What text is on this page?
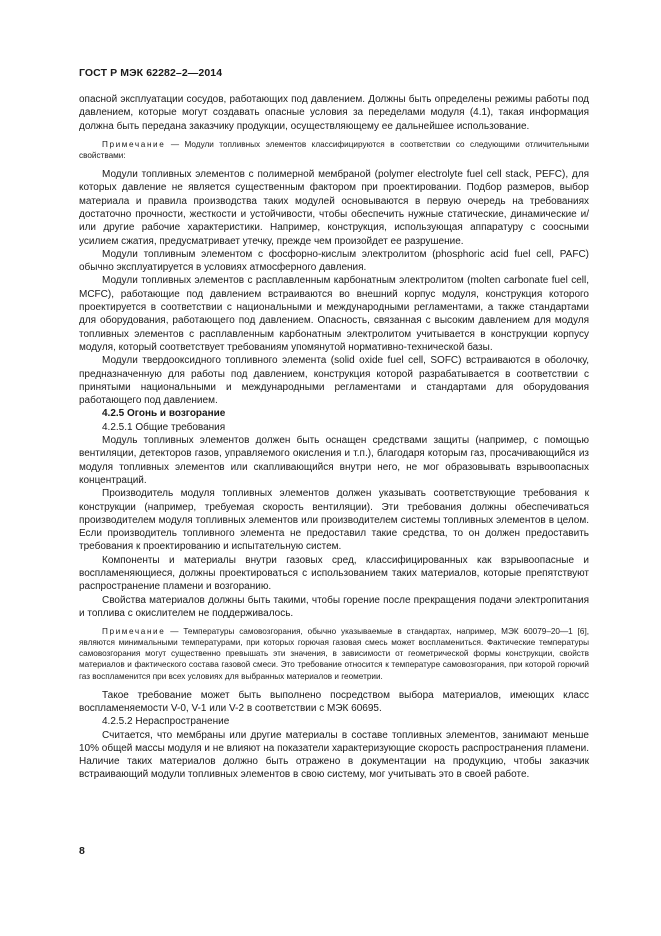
ГОСТ Р МЭК 62282–2—2014

опасной эксплуатации сосудов, работающих под давлением. Должны быть определены режимы работы под давлением, которые могут создавать опасные условия за переделами модуля (4.1), такая информация должна быть передана заказчику продукции, осуществляющему ее дальнейшее использование.

Примечание — Модули топливных элементов классифицируются в соответствии со следующими отличительными свойствами:

Модули топливных элементов с полимерной мембраной (polymer electrolyte fuel cell stack, PEFC), для которых давление не является существенным фактором при проектировании. Подбор размеров, выбор материала и правила производства таких модулей основываются в первую очередь на требованиях достаточно прочности, жесткости и устойчивости, чтобы обеспечить нужные статические, динамические и/или другие рабочие характеристики. Например, конструкция, использующая аппаратуру с соосными усилием сжатия, предусматривает утечку, прежде чем произойдет ее разрушение.

Модули топливным элементом с фосфорно-кислым электролитом (phosphoric acid fuel cell, PAFC) обычно эксплуатируется в условиях атмосферного давления.

Модули топливных элементов с расплавленным карбонатным электролитом (molten carbonate fuel cell, MCFC), работающие под давлением встраиваются во внешний корпус модуля, конструкция которого проектируется в соответствии с национальными и международными регламентами, а также стандартами для оборудования, работающего под давлением. Опасность, связанная с высоким давлением для модуля топливных элементов с расплавленным карбонатным электролитом учитывается в конструкции корпусу модуля, который соответствует требованиям упомянутой нормативно-технической базы.

Модули твердооксидного топливного элемента (solid oxide fuel cell, SOFC) встраиваются в оболочку, предназначенную для работы под давлением, конструкция которой разрабатывается в соответствии с принятыми национальными и международными регламентами и стандартами для оборудования работающего под давлением.

4.2.5 Огонь и возгорание

4.2.5.1 Общие требования

Модуль топливных элементов должен быть оснащен средствами защиты (например, с помощью вентиляции, детекторов газов, управляемого окисления и т.п.), благодаря которым газ, просачивающийся из модуля топливных элементов или скапливающийся внутри него, не мог образовывать взрывоопасных концентраций.

Производитель модуля топливных элементов должен указывать соответствующие требования к конструкции (например, требуемая скорость вентиляции). Эти требования должны обеспечиваться производителем модуля топливных элементов или производителем системы топливных элементов в целом. Если производитель топливного элемента не предоставил такие средства, то он должен предоставить требования к проектированию и испытательную систем.

Компоненты и материалы внутри газовых сред, классифицированных как взрывоопасные и воспламеняющиеся, должны проектироваться с использованием таких материалов, которые препятствуют распространение пламени и возгоранию.

Свойства материалов должны быть такими, чтобы горение после прекращения подачи электропитания и топлива с окислителем не поддерживалось.

Примечание — Температуры самовозгорания, обычно указываемые в стандартах, например, МЭК 60079–20—1 [6], являются минимальными температурами, при которых горючая газовая смесь может воспламениться. Фактические температуры самовозгорания могут существенно превышать эти значения, в зависимости от геометрической формы конструкции, свойств материалов и фактического состава газовой смеси. Это требование относится к температуре самовозгорания, при которой горючий газ воспламенится при всех условиях для выбранных материалов и геометрии.

Такое требование может быть выполнено посредством выбора материалов, имеющих класс воспламеняемости V-0, V-1 или V-2 в соответствии с МЭК 60695.

4.2.5.2 Нераспространение

Считается, что мембраны или другие материалы в составе топливных элементов, занимают меньше 10% общей массы модуля и не влияют на показатели характеризующие скорость распространения пламени. Наличие таких материалов должно быть отражено в документации на продукцию, чтобы заказчик встраивающий модули топливных элементов в свою систему, мог учитывать это в своей работе.

8
